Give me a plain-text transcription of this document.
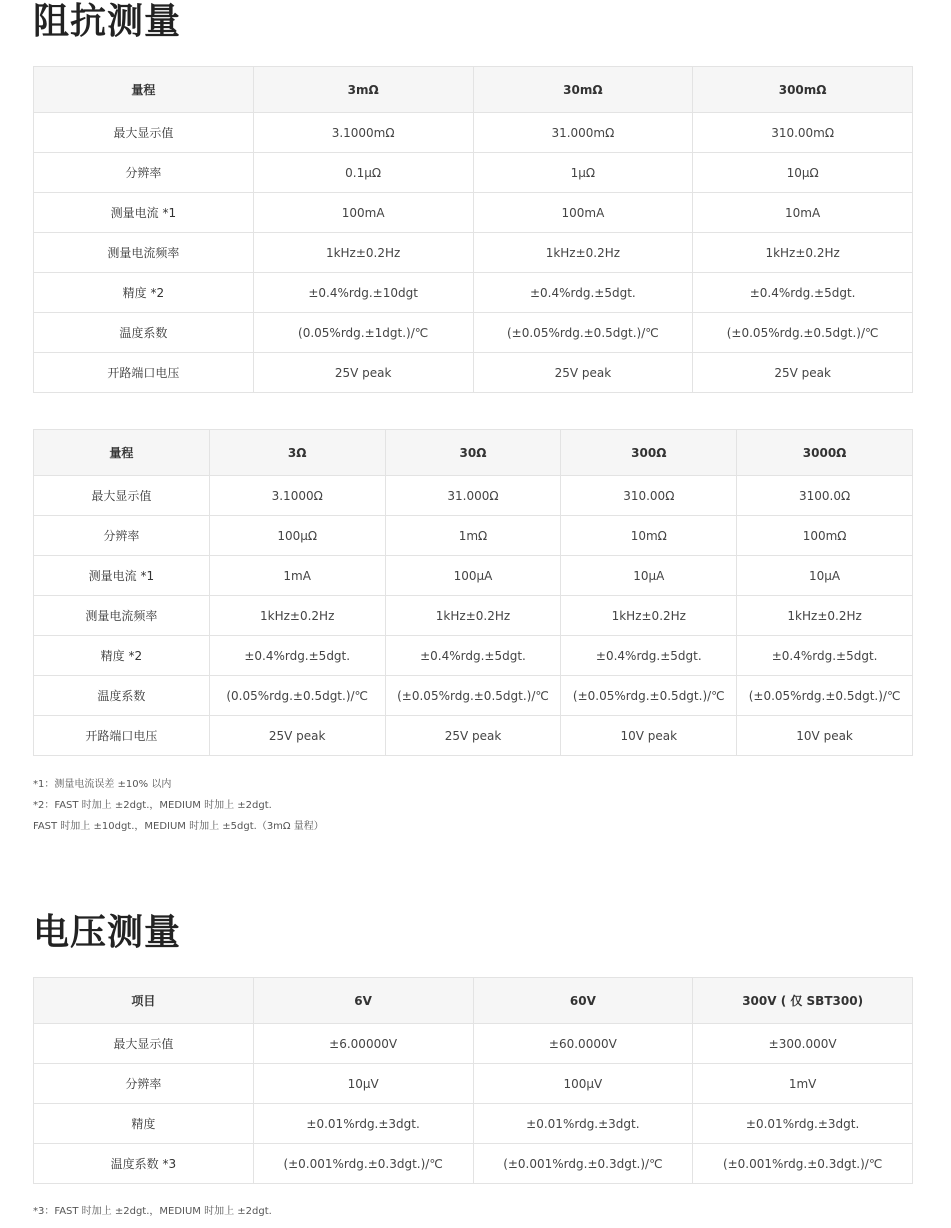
阻抗测量
量程	3mΩ	30mΩ	300mΩ
最大显示值	3.1000mΩ	31.000mΩ	310.00mΩ
分辨率	0.1μΩ	1μΩ	10μΩ
测量电流 *1	100mA	100mA	10mA
测量电流频率	1kHz±0.2Hz	1kHz±0.2Hz	1kHz±0.2Hz
精度 *2	±0.4%rdg.±10dgt	±0.4%rdg.±5dgt.	±0.4%rdg.±5dgt.
温度系数	(0.05%rdg.±1dgt.)/℃	(±0.05%rdg.±0.5dgt.)/℃	(±0.05%rdg.±0.5dgt.)/℃
开路端口电压	25V peak	25V peak	25V peak
量程	3Ω	30Ω	300Ω	3000Ω
最大显示值	3.1000Ω	31.000Ω	310.00Ω	3100.0Ω
分辨率	100μΩ	1mΩ	10mΩ	100mΩ
测量电流 *1	1mA	100μA	10μA	10μA
测量电流频率	1kHz±0.2Hz	1kHz±0.2Hz	1kHz±0.2Hz	1kHz±0.2Hz
精度 *2	±0.4%rdg.±5dgt.	±0.4%rdg.±5dgt.	±0.4%rdg.±5dgt.	±0.4%rdg.±5dgt.
温度系数	(0.05%rdg.±0.5dgt.)/℃	(±0.05%rdg.±0.5dgt.)/℃	(±0.05%rdg.±0.5dgt.)/℃	(±0.05%rdg.±0.5dgt.)/℃
开路端口电压	25V peak	25V peak	10V peak	10V peak

*1：测量电流误差 ±10% 以内

*2：FAST 时加上 ±2dgt.，MEDIUM 时加上 ±2dgt.

FAST 时加上 ±10dgt.，MEDIUM 时加上 ±5dgt.（3mΩ 量程）

电压测量
项目	6V	60V	300V ( 仅 SBT300)
最大显示值	±6.00000V	±60.0000V	±300.000V
分辨率	10μV	100μV	1mV
精度	±0.01%rdg.±3dgt.	±0.01%rdg.±3dgt.	±0.01%rdg.±3dgt.
温度系数 *3	(±0.001%rdg.±0.3dgt.)/℃	(±0.001%rdg.±0.3dgt.)/℃	(±0.001%rdg.±0.3dgt.)/℃

*3：FAST 时加上 ±2dgt.，MEDIUM 时加上 ±2dgt.
